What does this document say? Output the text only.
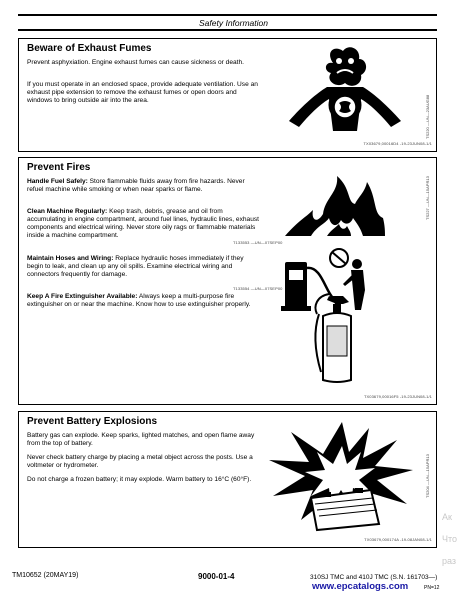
Safety Information
Beware of Exhaust Fumes
Prevent asphyxiation. Engine exhaust fumes can cause sickness or death.
If you must operate in an enclosed space, provide adequate ventilation. Use an exhaust pipe extension to remove the exhaust fumes or open doors and windows to bring outside air into the area.	TS220 —UN—23AUG88
TX03679,00016D4 -19-23JUN08-1/1
Prevent Fires
Handle Fuel Safely: Store flammable fluids away from fire hazards. Never refuel machine while smoking or when near sparks or flame.
Clean Machine Regularly: Keep trash, debris, grease and oil from accumulating in engine compartment, around fuel lines, hydraulic lines, exhaust components and electrical wiring. Never store oily rags or flammable materials inside a machine compartment.
Maintain Hoses and Wiring: Replace hydraulic hoses immediately if they begin to leak, and clean up any oil spills. Examine electrical wiring and connectors frequently for damage.
Keep A Fire Extinguisher Available: Always keep a multi-purpose fire extinguisher on or near the machine. Know how to use extinguisher properly.
T133553 —UN—07SEP00
T133554 —UN—07SEP00
TS227 —UN—15APR13
TX03679,00016F5 -19-23JUN08-1/1
Prevent Battery Explosions
Battery gas can explode. Keep sparks, lighted matches, and open flame away from the top of battery.
Never check battery charge by placing a metal object across the posts. Use a voltmeter or hydrometer.
Do not charge a frozen battery; it may explode. Warm battery to 16°C (60°F).	TS204 —UN—15APR13
TX03679,000174A -19-08JAN08-1/1
TM10652 (20MAY19)	9000-01-4	310SJ TMC and 410J TMC (S.N. 161703—)
PN=12
www.epcatalogs.com
Ак
Что
раз
